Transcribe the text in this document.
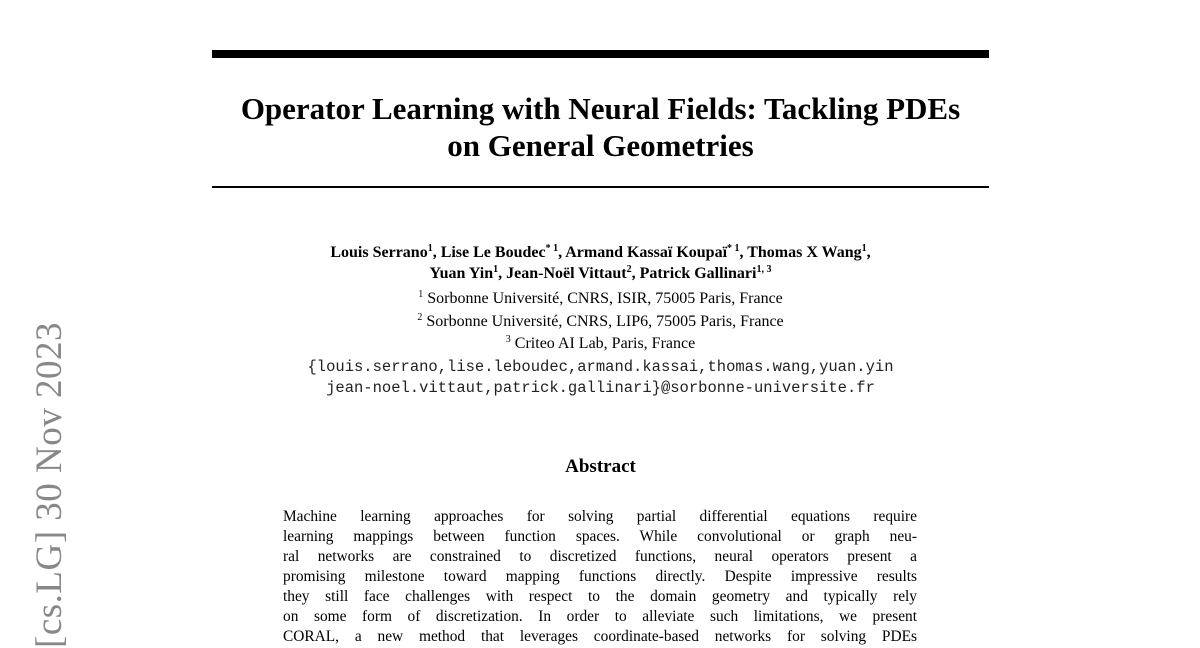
[cs.LG] 30 Nov 2023
Operator Learning with Neural Fields: Tackling PDEs
on General Geometries
Louis Serrano$^1$, Lise Le Boudec$^{* 1}$, Armand Kassaï Koupaï$^{* 1}$, Thomas X Wang$^1$,
Yuan Yin$^1$, Jean-Noël Vittaut$^2$, Patrick Gallinari$^{1, 3}$
$^1$ Sorbonne Université, CNRS, ISIR, 75005 Paris, France
$^2$ Sorbonne Université, CNRS, LIP6, 75005 Paris, France
$^3$ Criteo AI Lab, Paris, France
{louis.serrano,lise.leboudec,armand.kassai,thomas.wang,yuan.yin
jean-noel.vittaut,patrick.gallinari}@sorbonne-universite.fr
Abstract
Machine learning approaches for solving partial differential equations require
learning mappings between function spaces. While convolutional or graph neu-
ral networks are constrained to discretized functions, neural operators present a
promising milestone toward mapping functions directly. Despite impressive results
they still face challenges with respect to the domain geometry and typically rely
on some form of discretization. In order to alleviate such limitations, we present
CORAL, a new method that leverages coordinate-based networks for solving PDEs
